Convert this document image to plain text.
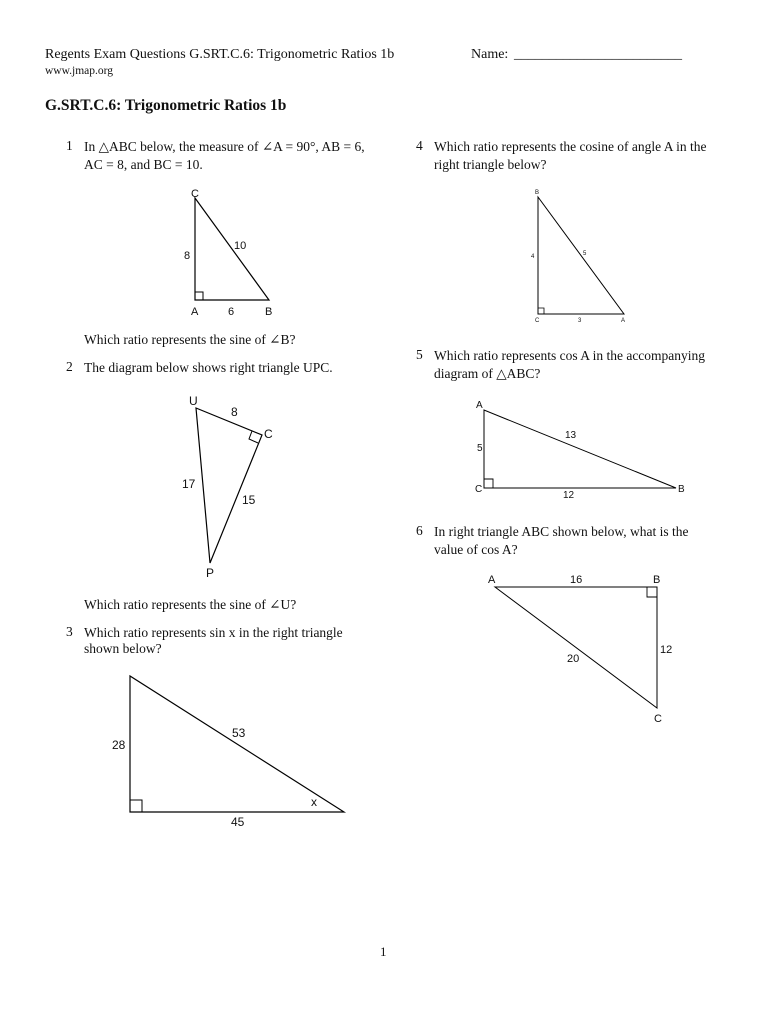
Regents Exam Questions G.SRT.C.6: Trigonometric Ratios 1b	Name: ________________________
www.jmap.org
G.SRT.C.6: Trigonometric Ratios 1b
1 In △ABC below, the measure of ∠A = 90°, AB = 6,
AC = 8, and BC = 10.
C
A	B
8
6
10
Which ratio represents the sine of ∠B?
2 The diagram below shows right triangle UPC.
U
C
P
8
17
15
Which ratio represents the sine of ∠U?
3 Which ratio represents sin x in the right triangle
shown below?
28
53
45
x
4 Which ratio represents the cosine of angle A in the
right triangle below?
B
C	A
4
3
5
5 Which ratio represents cos A in the accompanying
diagram of △ABC?
A
C	B
5
13
12
6 In right triangle ABC shown below, what is the
value of cos A?
A	B
C
16
12
20
1
